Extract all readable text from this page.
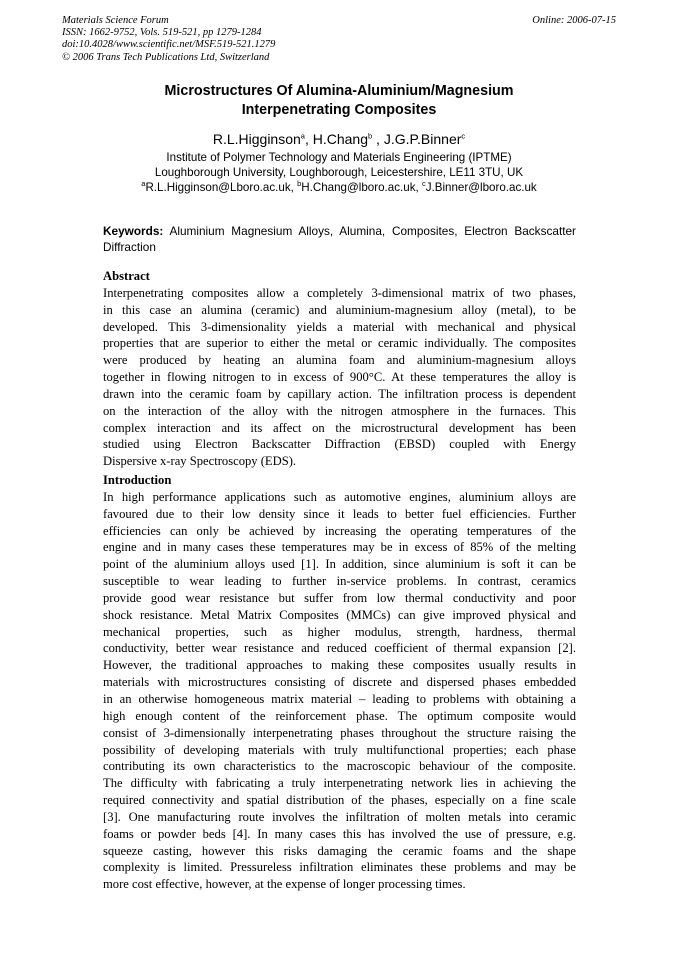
Materials Science Forum
ISSN: 1662-9752, Vols. 519-521, pp 1279-1284
doi:10.4028/www.scientific.net/MSF.519-521.1279
© 2006 Trans Tech Publications Ltd, Switzerland
Online: 2006-07-15
Microstructures Of Alumina-Aluminium/Magnesium
Interpenetrating Composites
R.L.Higginson$^a$, H.Chang$^b$ , J.G.P.Binner$^c$
Institute of Polymer Technology and Materials Engineering (IPTME)
Loughborough University, Loughborough, Leicestershire, LE11 3TU, UK
$^a$R.L.Higginson@Lboro.ac.uk, $^b$H.Chang@lboro.ac.uk, $^c$J.Binner@lboro.ac.uk
Keywords: Aluminium Magnesium Alloys, Alumina, Composites, Electron Backscatter Diffraction
Abstract
Interpenetrating composites allow a completely 3-dimensional matrix of two phases,
in this case an alumina (ceramic) and aluminium-magnesium alloy (metal), to be
developed. This 3-dimensionality yields a material with mechanical and physical
properties that are superior to either the metal or ceramic individually. The composites
were produced by heating an alumina foam and aluminium-magnesium alloys
together in flowing nitrogen to in excess of 900°C. At these temperatures the alloy is
drawn into the ceramic foam by capillary action. The infiltration process is dependent
on the interaction of the alloy with the nitrogen atmosphere in the furnaces. This
complex interaction and its affect on the microstructural development has been
studied using Electron Backscatter Diffraction (EBSD) coupled with Energy
Dispersive x-ray Spectroscopy (EDS).
Introduction
In high performance applications such as automotive engines, aluminium alloys are
favoured due to their low density since it leads to better fuel efficiencies. Further
efficiencies can only be achieved by increasing the operating temperatures of the
engine and in many cases these temperatures may be in excess of 85% of the melting
point of the aluminium alloys used [1]. In addition, since aluminium is soft it can be
susceptible to wear leading to further in-service problems. In contrast, ceramics
provide good wear resistance but suffer from low thermal conductivity and poor
shock resistance. Metal Matrix Composites (MMCs) can give improved physical and
mechanical properties, such as higher modulus, strength, hardness, thermal
conductivity, better wear resistance and reduced coefficient of thermal expansion [2].
However, the traditional approaches to making these composites usually results in
materials with microstructures consisting of discrete and dispersed phases embedded
in an otherwise homogeneous matrix material – leading to problems with obtaining a
high enough content of the reinforcement phase. The optimum composite would
consist of 3-dimensionally interpenetrating phases throughout the structure raising the
possibility of developing materials with truly multifunctional properties; each phase
contributing its own characteristics to the macroscopic behaviour of the composite.
The difficulty with fabricating a truly interpenetrating network lies in achieving the
required connectivity and spatial distribution of the phases, especially on a fine scale
[3]. One manufacturing route involves the infiltration of molten metals into ceramic
foams or powder beds [4]. In many cases this has involved the use of pressure, e.g.
squeeze casting, however this risks damaging the ceramic foams and the shape
complexity is limited. Pressureless infiltration eliminates these problems and may be
more cost effective, however, at the expense of longer processing times.
